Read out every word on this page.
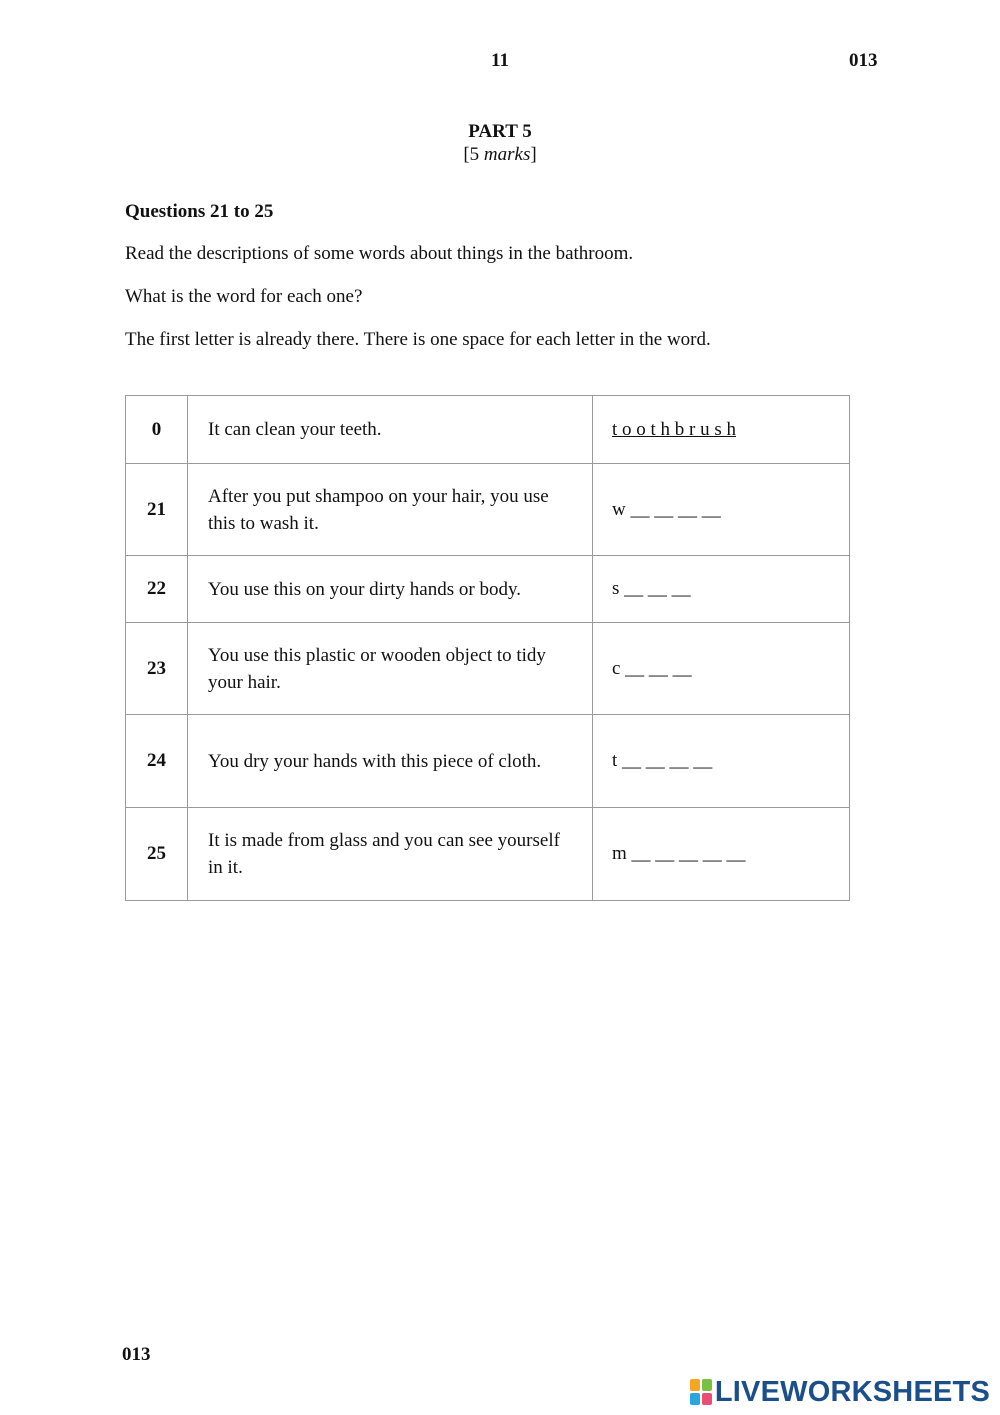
11	013
PART 5
[5 marks]
Questions 21 to 25
Read the descriptions of some words about things in the bathroom.
What is the word for each one?
The first letter is already there. There is one space for each letter in the word.
0	It can clean your teeth.	t o o t h b r u s h
21	After you put shampoo on your hair, you use this to wash it.	w __ __ __ __
22	You use this on your dirty hands or body.	s __ __ __
23	You use this plastic or wooden object to tidy your hair.	c __ __ __
24	You dry your hands with this piece of cloth.	t __ __ __ __
25	It is made from glass and you can see yourself in it.	m __ __ __ __ __
013
LIVEWORKSHEETS
